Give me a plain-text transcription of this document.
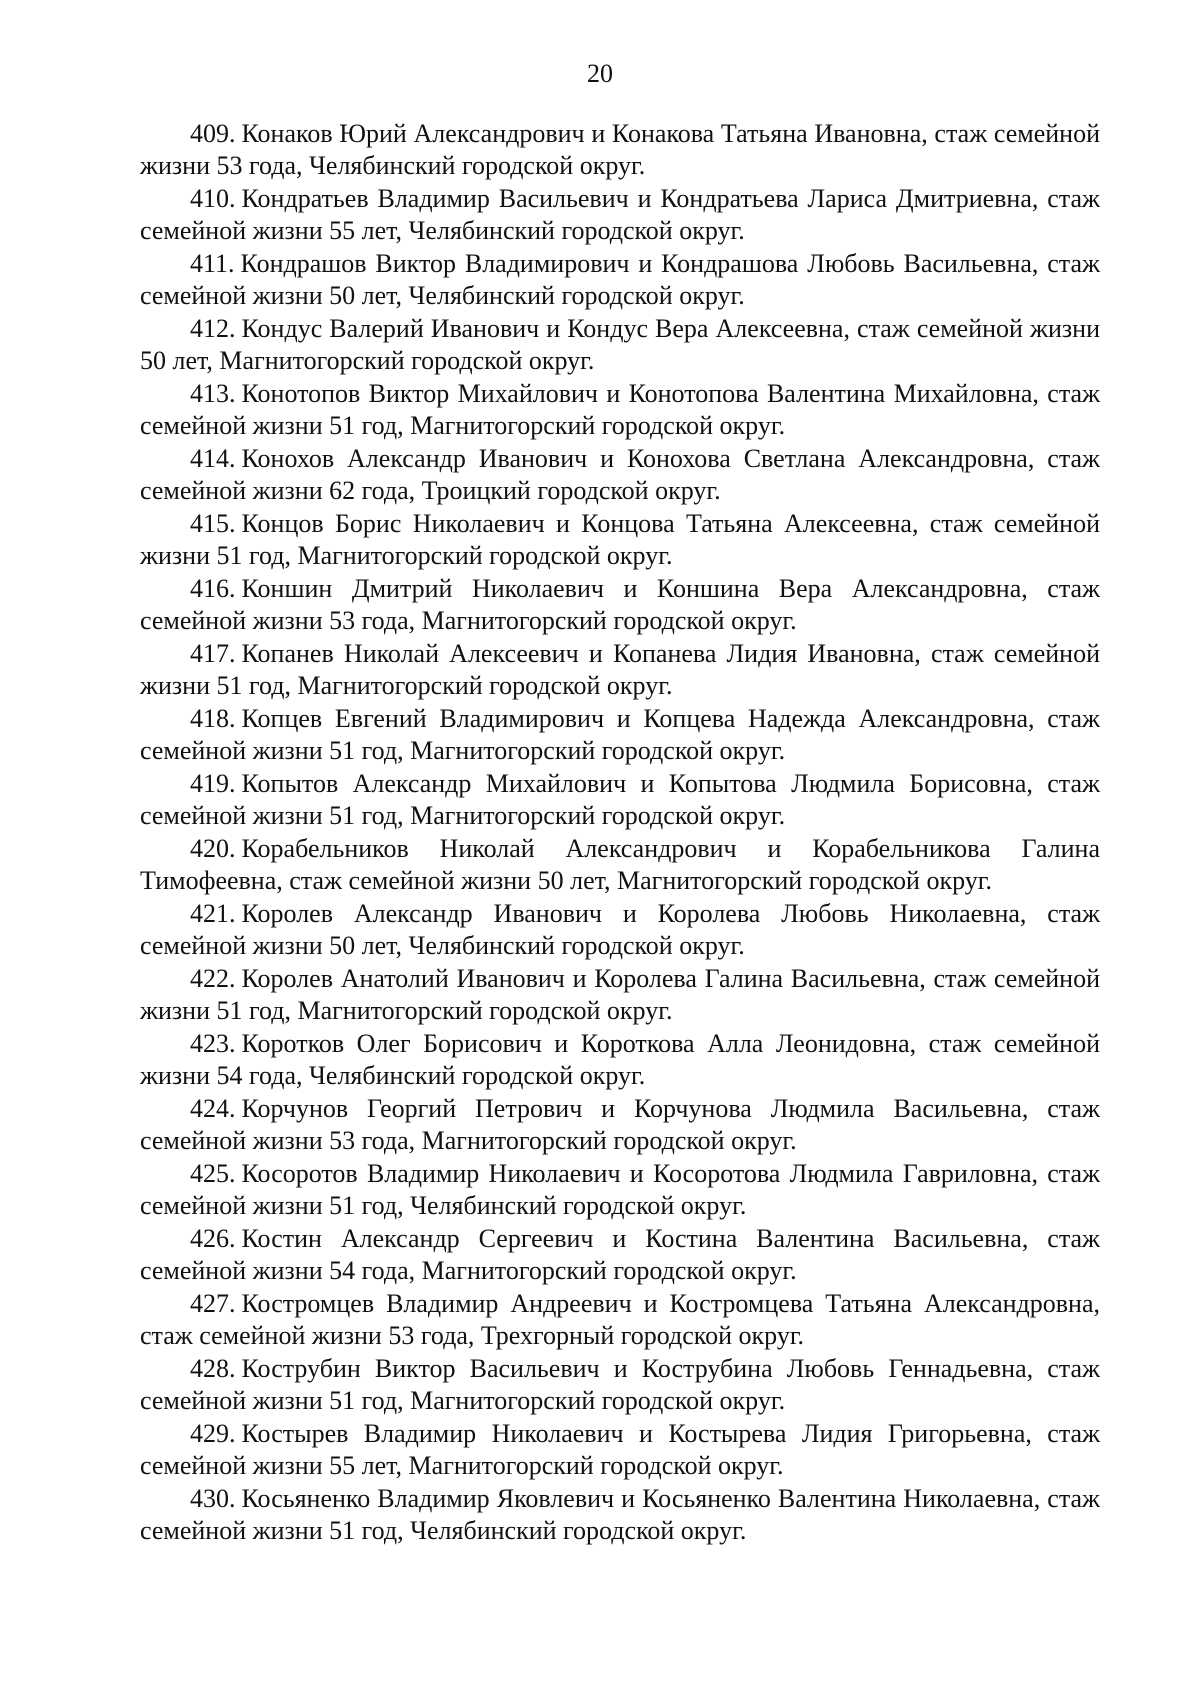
20

409. Конаков Юрий Александрович и Конакова Татьяна Ивановна, стаж семейной жизни 53 года, Челябинский городской округ.

410. Кондратьев Владимир Васильевич и Кондратьева Лариса Дмитриевна, стаж семейной жизни 55 лет, Челябинский городской округ.

411. Кондрашов Виктор Владимирович и Кондрашова Любовь Васильевна, стаж семейной жизни 50 лет, Челябинский городской округ.

412. Кондус Валерий Иванович и Кондус Вера Алексеевна, стаж семейной жизни 50 лет, Магнитогорский городской округ.

413. Конотопов Виктор Михайлович и Конотопова Валентина Михайловна, стаж семейной жизни 51 год, Магнитогорский городской округ.

414. Конохов Александр Иванович и Конохова Светлана Александровна, стаж семейной жизни 62 года, Троицкий городской округ.

415. Концов Борис Николаевич и Концова Татьяна Алексеевна, стаж семейной жизни 51 год, Магнитогорский городской округ.

416. Коншин Дмитрий Николаевич и Коншина Вера Александровна, стаж семейной жизни 53 года, Магнитогорский городской округ.

417. Копанев Николай Алексеевич и Копанева Лидия Ивановна, стаж семейной жизни 51 год, Магнитогорский городской округ.

418. Копцев Евгений Владимирович и Копцева Надежда Александровна, стаж семейной жизни 51 год, Магнитогорский городской округ.

419. Копытов Александр Михайлович и Копытова Людмила Борисовна, стаж семейной жизни 51 год, Магнитогорский городской округ.

420. Корабельников Николай Александрович и Корабельникова Галина Тимофеевна, стаж семейной жизни 50 лет, Магнитогорский городской округ.

421. Королев Александр Иванович и Королева Любовь Николаевна, стаж семейной жизни 50 лет, Челябинский городской округ.

422. Королев Анатолий Иванович и Королева Галина Васильевна, стаж семейной жизни 51 год, Магнитогорский городской округ.

423. Коротков Олег Борисович и Короткова Алла Леонидовна, стаж семейной жизни 54 года, Челябинский городской округ.

424. Корчунов Георгий Петрович и Корчунова Людмила Васильевна, стаж семейной жизни 53 года, Магнитогорский городской округ.

425. Косоротов Владимир Николаевич и Косоротова Людмила Гавриловна, стаж семейной жизни 51 год, Челябинский городской округ.

426. Костин Александр Сергеевич и Костина Валентина Васильевна, стаж семейной жизни 54 года, Магнитогорский городской округ.

427. Костромцев Владимир Андреевич и Костромцева Татьяна Александровна, стаж семейной жизни 53 года, Трехгорный городской округ.

428. Кострубин Виктор Васильевич и Кострубина Любовь Геннадьевна, стаж семейной жизни 51 год, Магнитогорский городской округ.

429. Костырев Владимир Николаевич и Костырева Лидия Григорьевна, стаж семейной жизни 55 лет, Магнитогорский городской округ.

430. Косьяненко Владимир Яковлевич и Косьяненко Валентина Николаевна, стаж семейной жизни 51 год, Челябинский городской округ.
